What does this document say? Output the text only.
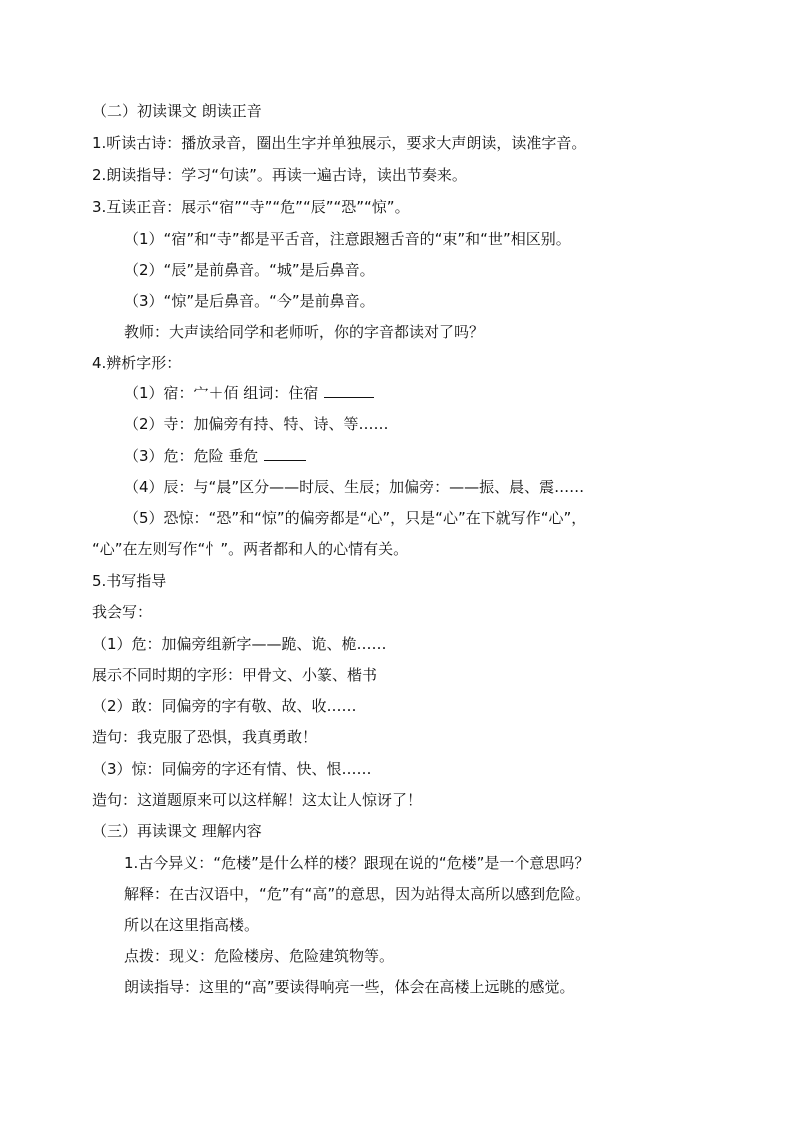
（二）初读课文 朗读正音
1.听读古诗：播放录音，圈出生字并单独展示，要求大声朗读，读准字音。
2.朗读指导：学习“句读”。再读一遍古诗，读出节奏来。
3.互读正音：展示“宿”“寺”“危”“辰”“恐”“惊”。
（1）“宿”和“寺”都是平舌音，注意跟翘舌音的“束”和“世”相区别。
（2）“辰”是前鼻音。“城”是后鼻音。
（3）“惊”是后鼻音。“今”是前鼻音。
教师：大声读给同学和老师听，你的字音都读对了吗？
4.辨析字形：
（1）宿：宀＋佰 组词：住宿
（2）寺：加偏旁有持、特、诗、等……
（3）危：危险 垂危
（4）辰：与“晨”区分——时辰、生辰；加偏旁：——振、晨、震……
（5）恐惊：“恐”和“惊”的偏旁都是“心”，只是“心”在下就写作“心”，
“心”在左则写作“忄”。两者都和人的心情有关。
5.书写指导
我会写：
（1）危：加偏旁组新字——跪、诡、桅……
展示不同时期的字形：甲骨文、小篆、楷书
（2）敢：同偏旁的字有敬、故、收……
造句：我克服了恐惧，我真勇敢！
（3）惊：同偏旁的字还有情、快、恨……
造句：这道题原来可以这样解！这太让人惊讶了！
（三）再读课文 理解内容
1.古今异义：“危楼”是什么样的楼？跟现在说的“危楼”是一个意思吗？
解释：在古汉语中，“危”有“高”的意思，因为站得太高所以感到危险。
所以在这里指高楼。
点拨：现义：危险楼房、危险建筑物等。
朗读指导：这里的“高”要读得响亮一些，体会在高楼上远眺的感觉。
